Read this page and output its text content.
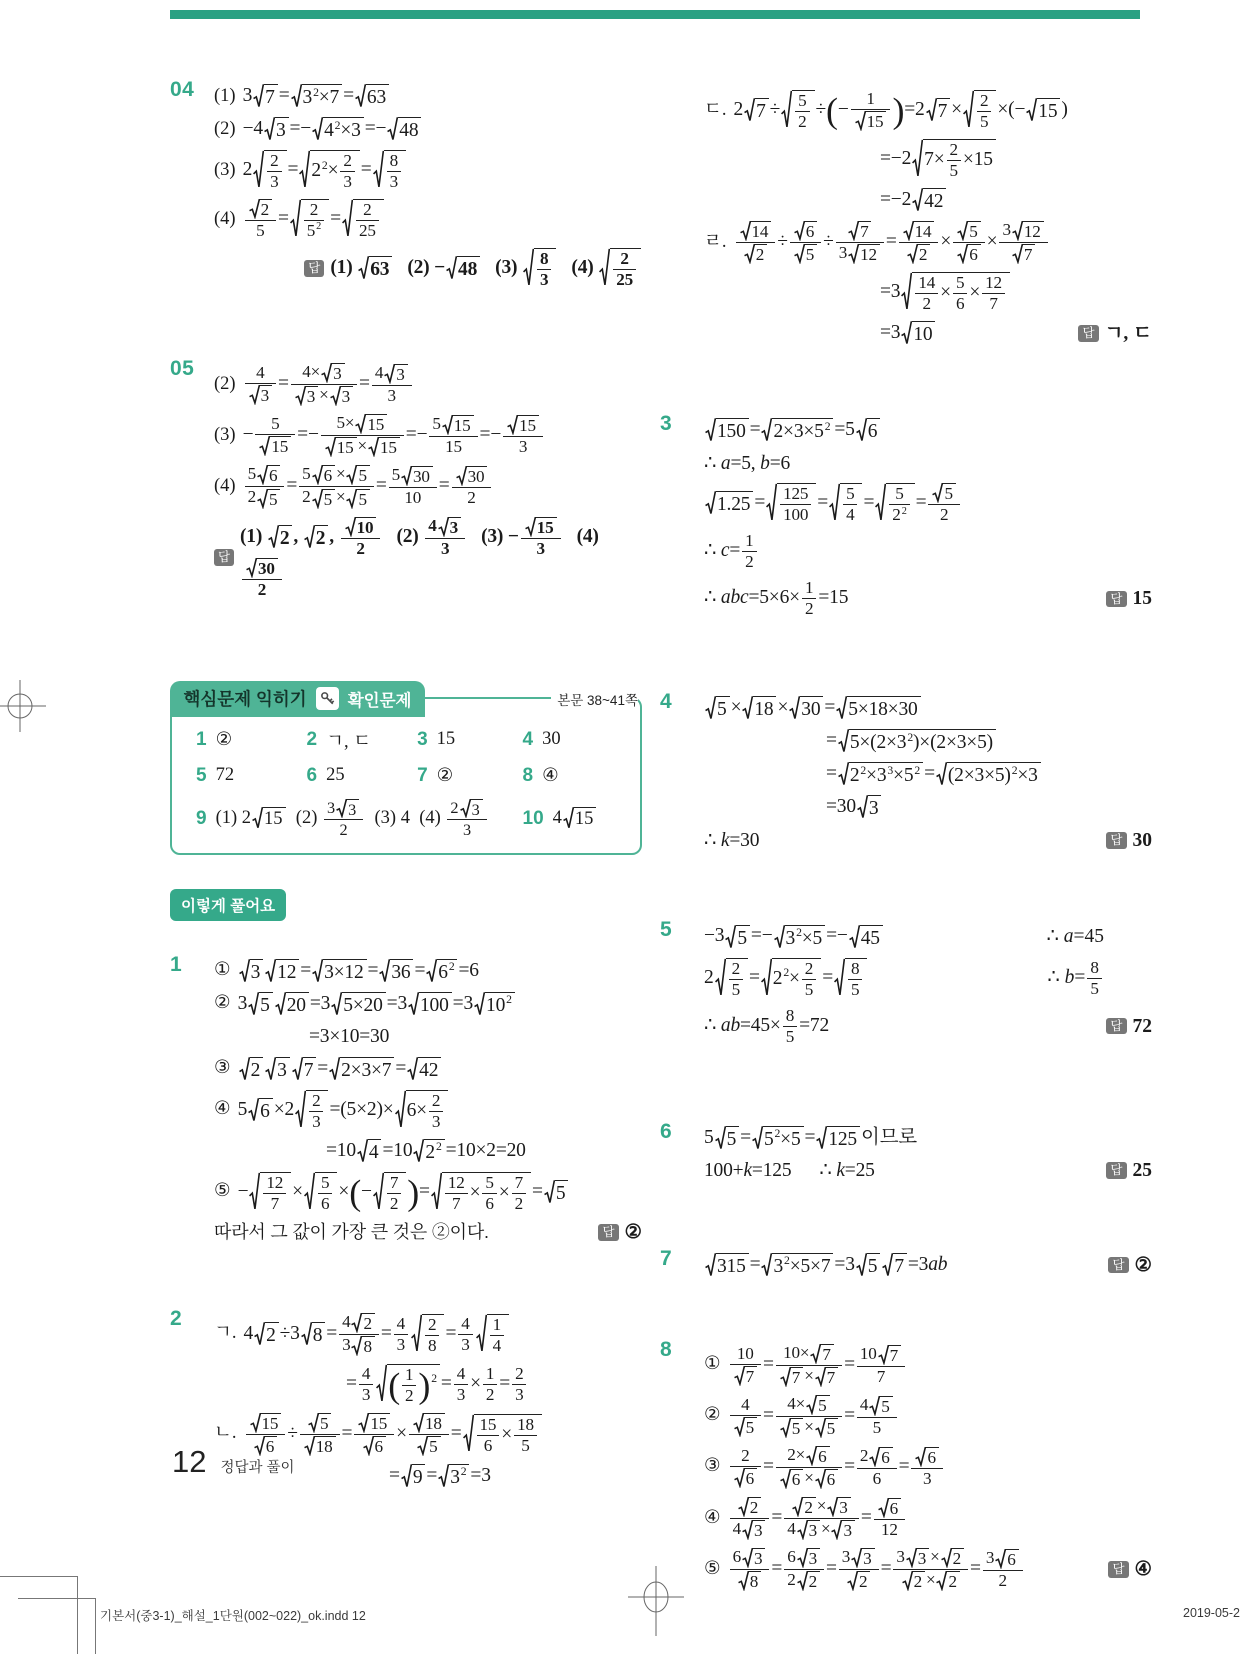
04	(1) 3 $7 = 3^2\times 7 = 63$
(2) −4 $3 =- 4^2\times 3 =- 48$
(3) $2 \frac{2}{3} = 2^2\times \frac{2}{3} = \frac{8}{3}$
$(4) \frac{2}{5} = \frac{2}{5^2} = \frac{2}{25}$
답 (1) 63 (2) − 48 $(3) \frac{8}{3} (4) \frac{2}{25}$
05
$(2) \frac{4}{3} = \frac{4\times 3}{3 \times 3} = \frac{4 3}{3}$
$(3) - \frac{5}{15} =- \frac{5\times 15}{15 \times 15} =- \frac{5 15}{15} =- \frac{15}{3}$
$(4) \frac{5 6}{2 5} = \frac{5 6 \times 5}{2 5 \times 5} = \frac{5 30}{10} = \frac{30}{2}$
답
(1) 2 , 2 , $\frac{10}{2} (2) \frac{4 3}{3} (3) - \frac{15}{3} (4)$
$\frac{30}{2}$
핵심문제 익히기 확인문제	본문 38~41쪽
1 ②	2 ㄱ, ㄷ 3 15	4 30
5 72	6 25	7 ②	8 ④
9 (1) 2 15 $(2) \frac{3 3}{2} (3)$ 4  $(4) \frac{2 3}{3} 10$ 4 15
이렇게 풀어요
1	① 3 $12 = 3\times 12 = 36 = 6^2 =6$
② 3 5 20 =3 5×20 =3 100 =3 $10^2$
=3×10=30
③ 2 3 7 = 2×3×7 = 42
④ 5 $6 \times 2 \frac{2}{3} =(5\times 2)\times 6\times \frac{2}{3}$
=10 4 =10 $2^2 =10\times 2=20$
⑤ − $\frac{12}{7} \times \frac{5}{6}$ ×(− $\frac{7}{2}$ )= $\frac{12}{7} \times \frac{5}{6} \times \frac{7}{2} = 5$
따라서 그 값이 가장 큰 것은 ②이다.	답 ②
2
ㄱ. 4 2 ÷3 $8 = \frac{4 2}{3 8} = \frac{4}{3} \frac{2}{8} = \frac{4}{3} \frac{1}{4}$
= $\frac{4}{3}$ ( $\frac{1}{2} )^2 = \frac{4}{3} \times \frac{1}{2} = \frac{2}{3}$
ㄴ. $\frac{15}{6} \div \frac{5}{18} = \frac{15}{6} \times \frac{18}{5} = \frac{15}{6} \times \frac{18}{5}$
= $9 = 3^2 =3$
ㄷ. 2 $7 \div \frac{5}{2}$ ÷(− $\frac{1}{15} )=2$ $7 \times \frac{2}{5}$ ×(− 15 )
=−2 $7\times \frac{2}{5} \times 15$
=−2 42
ㄹ. $\frac{14}{2} \div \frac{6}{5} \div \frac{7}{3 12} = \frac{14}{2} \times \frac{5}{6} \times \frac{3 12}{7}$
$=3 \frac{14}{2} \times \frac{5}{6} \times \frac{12}{7}$
=3 10	답 ㄱ, ㄷ
3	$150 = 2\times 3\times 5^2 =5$ 6
∴ a=5, b=6
$1.25 = \frac{125}{100} = \frac{5}{4} = \frac{5}{2^2} = \frac{5}{2}$
∴ $c= \frac{1}{2}$
∴ $abc=5\times 6\times \frac{1}{2} =15$	답 15
4	5 × 18 × 30 = 5×18×30
= $5\times(2\times 3^2)\times(2\times 3\times 5)$
= $2^2\times 3^3\times 5^2 = (2\times 3\times 5)^2\times 3$
=30 3
∴ k=30	답 30
5	−3 $5 =- 3^2\times 5 =- 45$	∴ a=45
$2 \frac{2}{5} = 2^2\times \frac{2}{5} = \frac{8}{5}$	∴ $b= \frac{8}{5}$
∴ $ab=45\times \frac{8}{5} =72$	답 72
6	5 $5 = 5^2\times 5 = 125$ 이므로
100+k=125      ∴ k=25	답 25
7	$315 = 3^2\times 5\times 7 =3$ 5 7 =3ab	답 ②
8
① $\frac{10}{7} = \frac{10\times 7}{7 \times 7} = \frac{10 7}{7}$
② $\frac{4}{5} = \frac{4\times 5}{5 \times 5} = \frac{4 5}{5}$
③ $\frac{2}{6} = \frac{2\times 6}{6 \times 6} = \frac{2 6}{6} = \frac{6}{3}$
④ $\frac{2}{4 3} = \frac{2 \times 3}{4 3 \times 3} = \frac{6}{12}$
⑤ $\frac{6 3}{8} = \frac{6 3}{2 2} = \frac{3 3}{2} = \frac{3 3 \times 2}{2 \times 2} = \frac{3 6}{2}$	답 ④
12 정답과 풀이
기본서(중3-1)_해설_1단원(002~022)_ok.indd 12	2019-05-2
